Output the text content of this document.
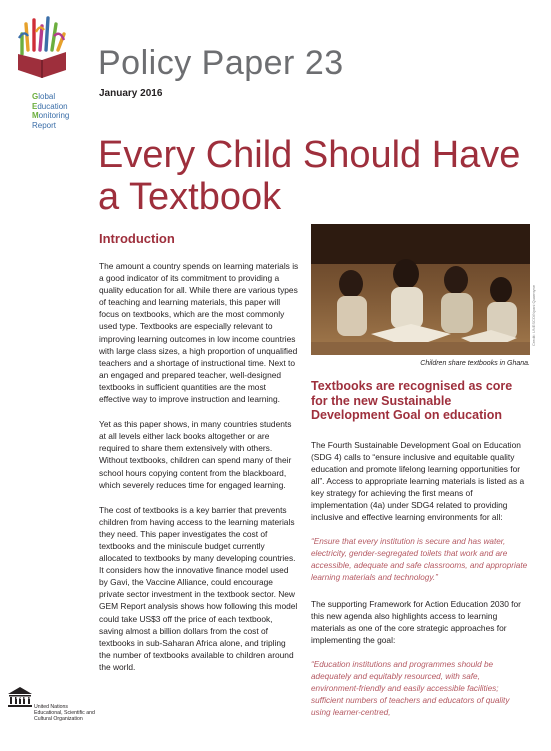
Global
Education
Monitoring
Report
Policy Paper 23
January 2016
Every Child Should Have a Textbook
Introduction

The amount a country spends on learning materials is a good indicator of its commitment to providing a quality education for all. While there are various types of teaching and learning materials, this paper will focus on textbooks, which are the most commonly used type. Textbooks are especially relevant to improving learning outcomes in low income countries with large class sizes, a high proportion of unqualified teachers and a shortage of instructional time. Next to an engaged and prepared teacher, well-designed textbooks in sufficient quantities are the most effective way to improve instruction and learning.

Yet as this paper shows, in many countries students at all levels either lack books altogether or are required to share them extensively with others. Without textbooks, children can spend many of their school hours copying content from the blackboard, which severely reduces time for engaged learning.

The cost of textbooks is a key barrier that prevents children from having access to the learning materials they need. This paper investigates the cost of textbooks and the miniscule budget currently allocated to textbooks by many developing countries. It considers how the innovative finance model used by Gavi, the Vaccine Alliance, could encourage private sector investment in the textbook sector. New GEM Report analysis shows how following this model could take US$3 off the price of each textbook, saving almost a billion dollars from the cost of textbooks in sub-Saharan Africa alone, and tripling the number of textbooks available to children around the world.

Credit: UNESCO/Nyani Quarmyne
Children share textbooks in Ghana.
Textbooks are recognised as core for the new Sustainable Development Goal on education

The Fourth Sustainable Development Goal on Education (SDG 4) calls to “ensure inclusive and equitable quality education and promote lifelong learning opportunities for all”. Access to appropriate learning materials is listed as a key strategy for achieving the first means of implementation (4a) under SDG4 related to providing inclusive and effective learning environments for all:

“Ensure that every institution is secure and has water, electricity, gender-segregated toilets that work and are accessible, adequate and safe classrooms, and appropriate learning materials and technology.”

The supporting Framework for Action Education 2030 for this new agenda also highlights access to learning materials as one of the core strategic approaches for implementing the goal:

“Education institutions and programmes should be adequately and equitably resourced, with safe, environment-friendly and easily accessible facilities; sufficient numbers of teachers and educators of quality using learner-centred,

UNESCO
United Nations
Educational, Scientific and
Cultural Organization
